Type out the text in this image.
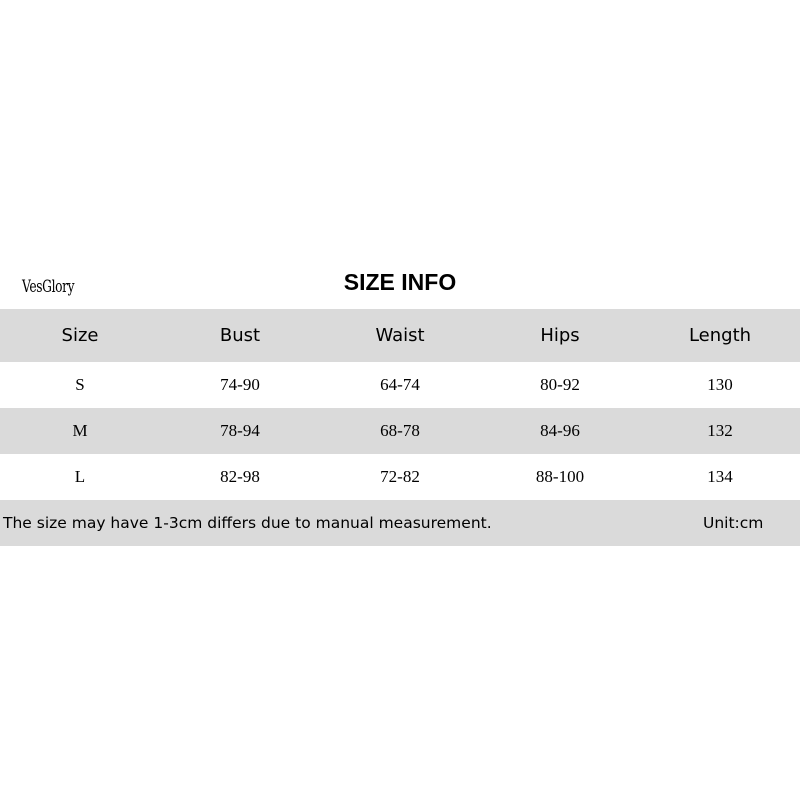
VesGlory	SIZE INFO
Size	Bust	Waist	Hips	Length
S	74-90	64-74	80-92	130
M	78-94	68-78	84-96	132
L	82-98	72-82	88-100	134
The size may have 1-3cm differs due to manual measurement.	Unit:cm
